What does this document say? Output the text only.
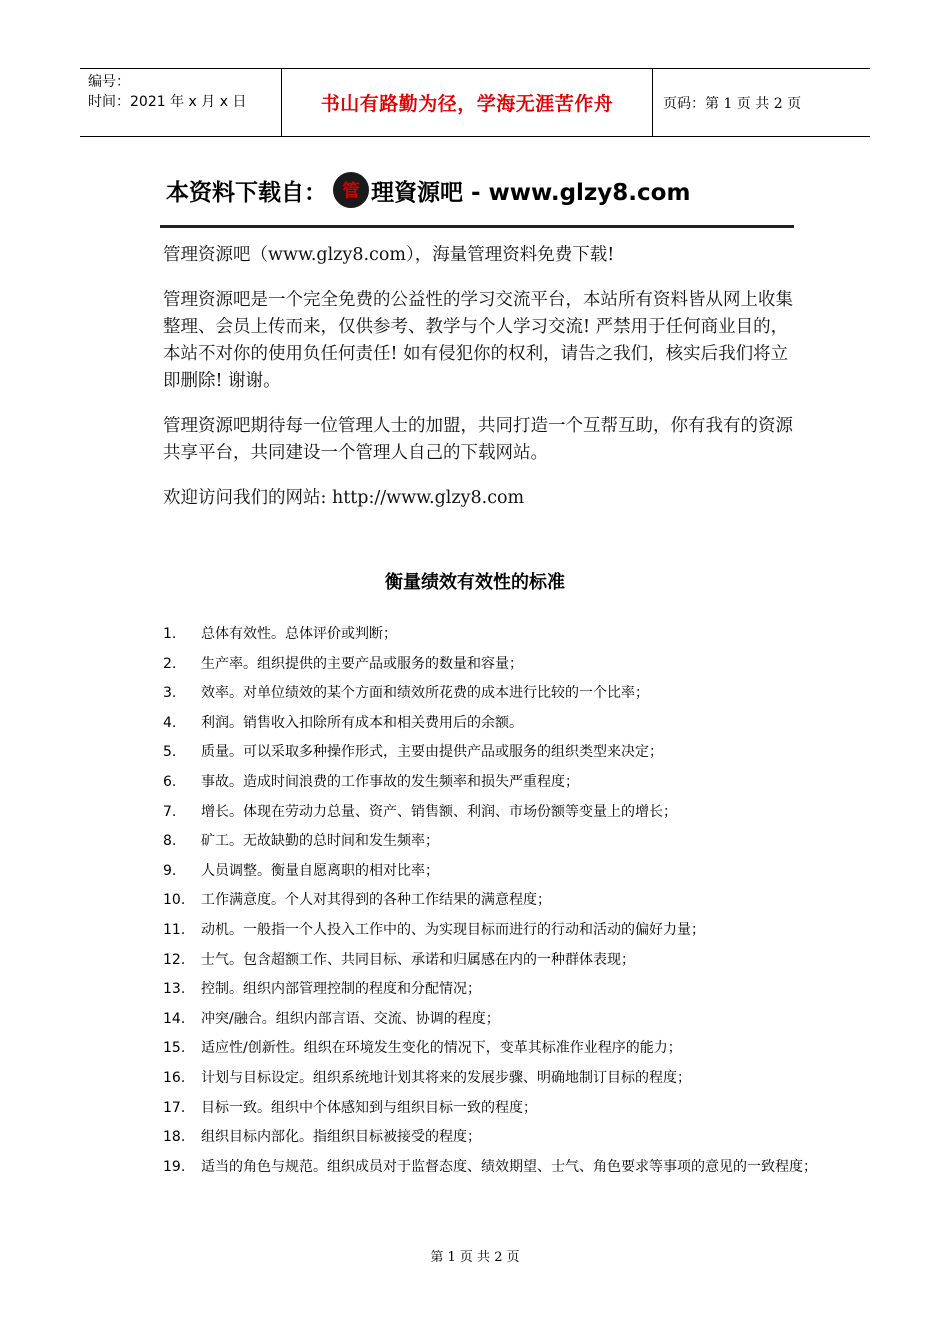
编号：
时间：2021 年 x 月 x 日	书山有路勤为径，学海无涯苦作舟	页码：第 1 页 共 2 页
本资料下载自： 管 理資源吧 - www.glzy8.com

管理资源吧（www.glzy8.com），海量管理资料免费下载!

管理资源吧是一个完全免费的公益性的学习交流平台，本站所有资料皆从网上收集整理、会员上传而来，仅供参考、教学与个人学习交流! 严禁用于任何商业目的，本站不对你的使用负任何责任! 如有侵犯你的权利，请告之我们，核实后我们将立即删除! 谢谢。

管理资源吧期待每一位管理人士的加盟，共同打造一个互帮互助，你有我有的资源共享平台，共同建设一个管理人自己的下载网站。

欢迎访问我们的网站: http://www.glzy8.com

衡量绩效有效性的标准
1.	总体有效性。总体评价或判断；
2.	生产率。组织提供的主要产品或服务的数量和容量；
3.	效率。对单位绩效的某个方面和绩效所花费的成本进行比较的一个比率；
4.	利润。销售收入扣除所有成本和相关费用后的余额。
5.	质量。可以采取多种操作形式，主要由提供产品或服务的组织类型来决定；
6.	事故。造成时间浪费的工作事故的发生频率和损失严重程度；
7.	增长。体现在劳动力总量、资产、销售额、利润、市场份额等变量上的增长；
8.	矿工。无故缺勤的总时间和发生频率；
9.	人员调整。衡量自愿离职的相对比率；
10.	工作满意度。个人对其得到的各种工作结果的满意程度；
11.	动机。一般指一个人投入工作中的、为实现目标而进行的行动和活动的偏好力量；
12.	士气。包含超额工作、共同目标、承诺和归属感在内的一种群体表现；
13.	控制。组织内部管理控制的程度和分配情况；
14.	冲突/融合。组织内部言语、交流、协调的程度；
15.	适应性/创新性。组织在环境发生变化的情况下，变革其标准作业程序的能力；
16.	计划与目标设定。组织系统地计划其将来的发展步骤、明确地制订目标的程度；
17.	目标一致。组织中个体感知到与组织目标一致的程度；
18.	组织目标内部化。指组织目标被接受的程度；
19.	适当的角色与规范。组织成员对于监督态度、绩效期望、士气、角色要求等事项的意见的一致程度；
第 1 页 共 2 页
